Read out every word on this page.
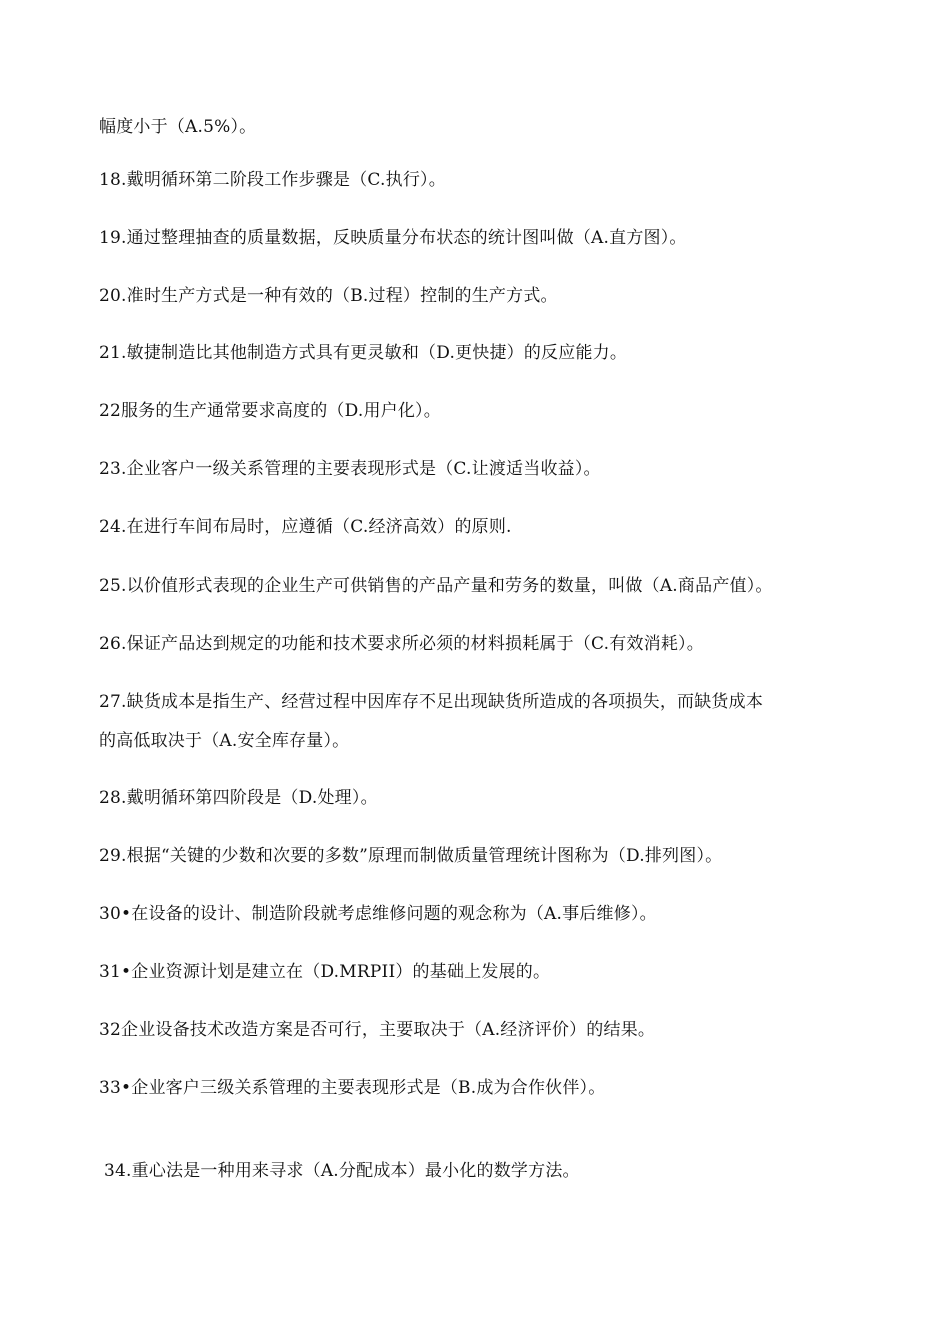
幅度小于（A.5%）。
18.戴明循环第二阶段工作步骤是（C.执行）。
19.通过整理抽查的质量数据，反映质量分布状态的统计图叫做（A.直方图）。
20.准时生产方式是一种有效的（B.过程）控制的生产方式。
21.敏捷制造比其他制造方式具有更灵敏和（D.更快捷）的反应能力。
22服务的生产通常要求高度的（D.用户化）。
23.企业客户一级关系管理的主要表现形式是（C.让渡适当收益）。
24.在进行车间布局时，应遵循（C.经济高效）的原则.
25.以价值形式表现的企业生产可供销售的产品产量和劳务的数量，叫做（A.商品产值）。
26.保证产品达到规定的功能和技术要求所必须的材料损耗属于（C.有效消耗）。
27.缺货成本是指生产、经营过程中因库存不足出现缺货所造成的各项损失，而缺货成本
的高低取决于（A.安全库存量）。
28.戴明循环第四阶段是（D.处理）。
29.根据“关键的少数和次要的多数”原理而制做质量管理统计图称为（D.排列图）。
30•在设备的设计、制造阶段就考虑维修问题的观念称为（A.事后维修）。
31•企业资源计划是建立在（D.MRPII）的基础上发展的。
32企业设备技术改造方案是否可行，主要取决于（A.经济评价）的结果。
33•企业客户三级关系管理的主要表现形式是（B.成为合作伙伴）。
34.重心法是一种用来寻求（A.分配成本）最小化的数学方法。
